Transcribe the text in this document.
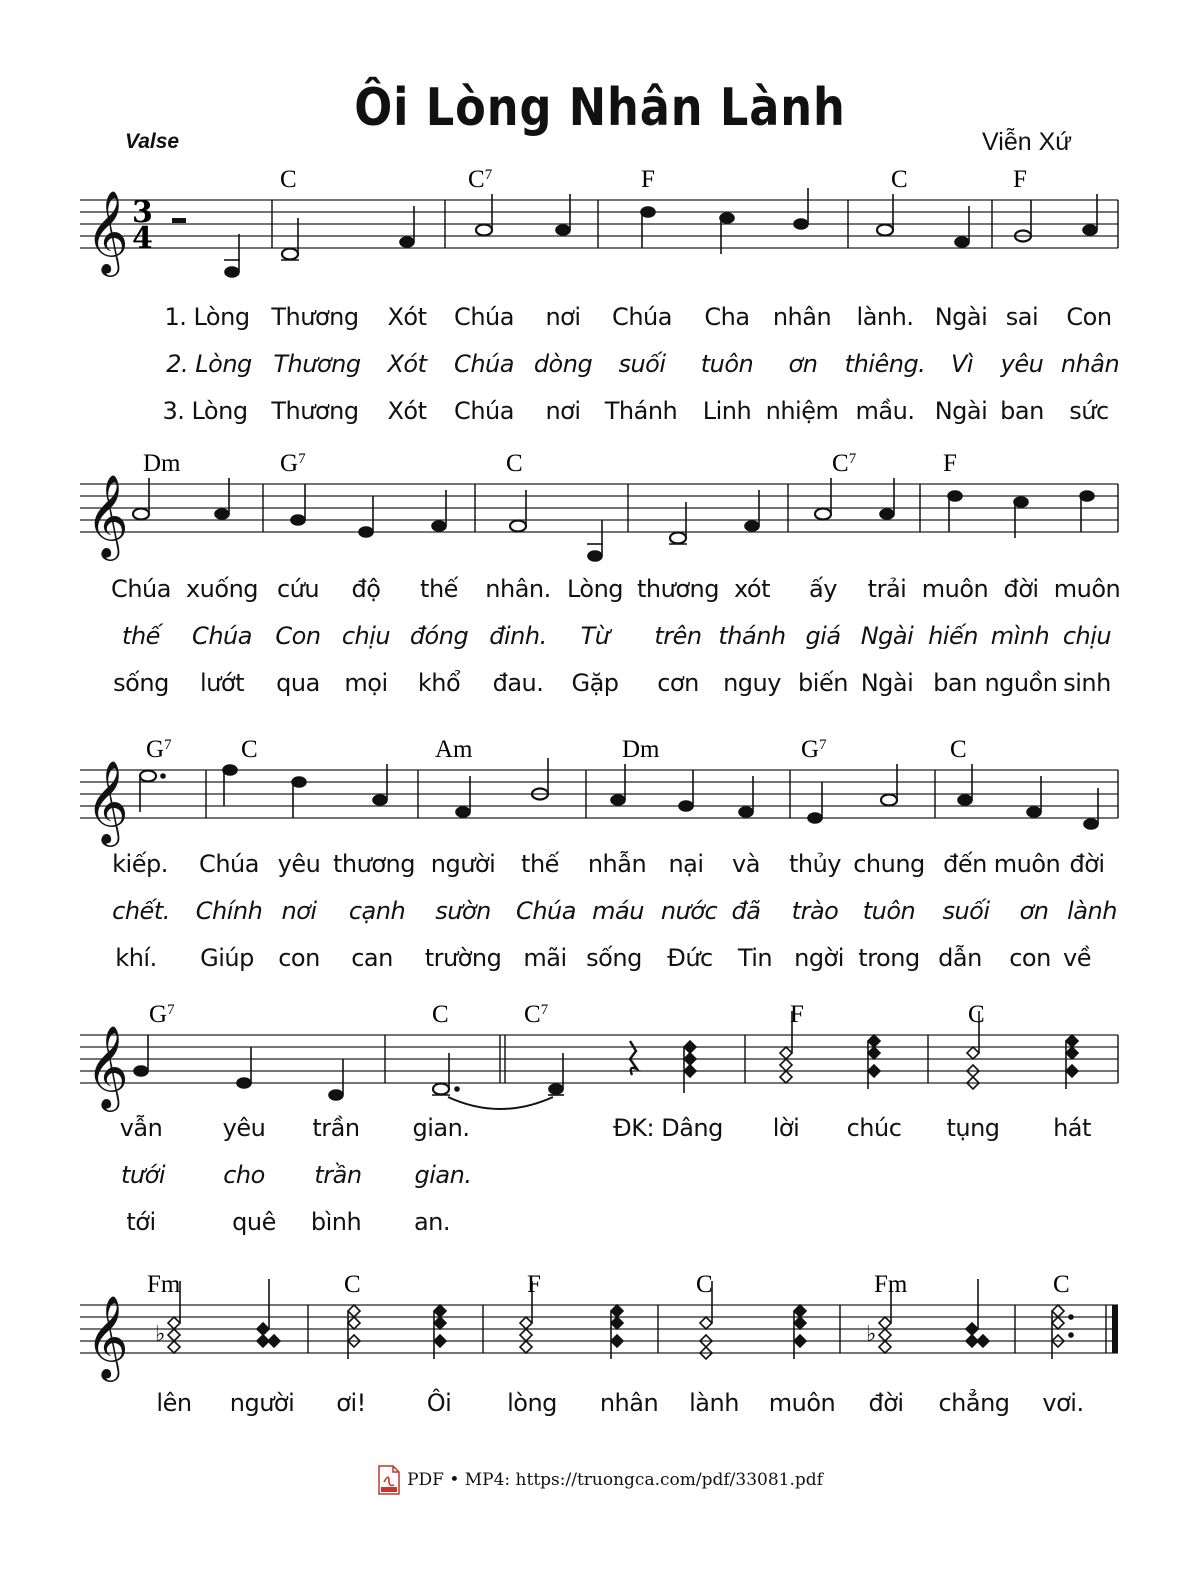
Ôi Lòng Nhân Lành
Valse	Viễn Xứ
𝄞 3
4
C	$C^7$	F	C	F
1. Lòng Thương Xót Chúa nơi Chúa Cha nhân lành. Ngài sai Con
2. Lòng Thương Xót Chúa dòng suối tuôn ơn thiêng. Vì yêu nhân
3. Lòng Thương Xót Chúa nơi Thánh Linh nhiệm mầu. Ngài ban sức
𝄞
Dm	$G^7$	C	$C^7$	F
Chúa xuống cứu độ thế nhân. Lòng thương xót ấy trải muôn đời muôn
thế Chúa Con chịu đóng đinh. Từ trên thánh giá Ngài hiến mình chịu
sống lướt qua mọi khổ đau. Gặp cơn nguy biến Ngài ban nguồn sinh
𝄞
$G^7$	C	Am	Dm	$G^7$	C
kiếp. Chúa yêu thương người thế nhẫn nại và thủy chung đến muôn đời
chết. Chính nơi cạnh sườn Chúa máu nước đã trào tuôn suối ơn lành
khí. Giúp con can trường mãi sống Đức Tin ngời trong dẫn con về
𝄞
$G^7$	C	$C^7$	F	C
vẫn	yêu trần gian.	ĐK: Dâng lời chúc tụng hát
tưới cho trần gian.
tới	quê bình an.
𝄞 ♭	♭
Fm	C	F	C	Fm	C
lên người ơi!	Ôi lòng nhân lành muôn đời chẳng vơi.
PDF • MP4: https://truongca.com/pdf/33081.pdf
